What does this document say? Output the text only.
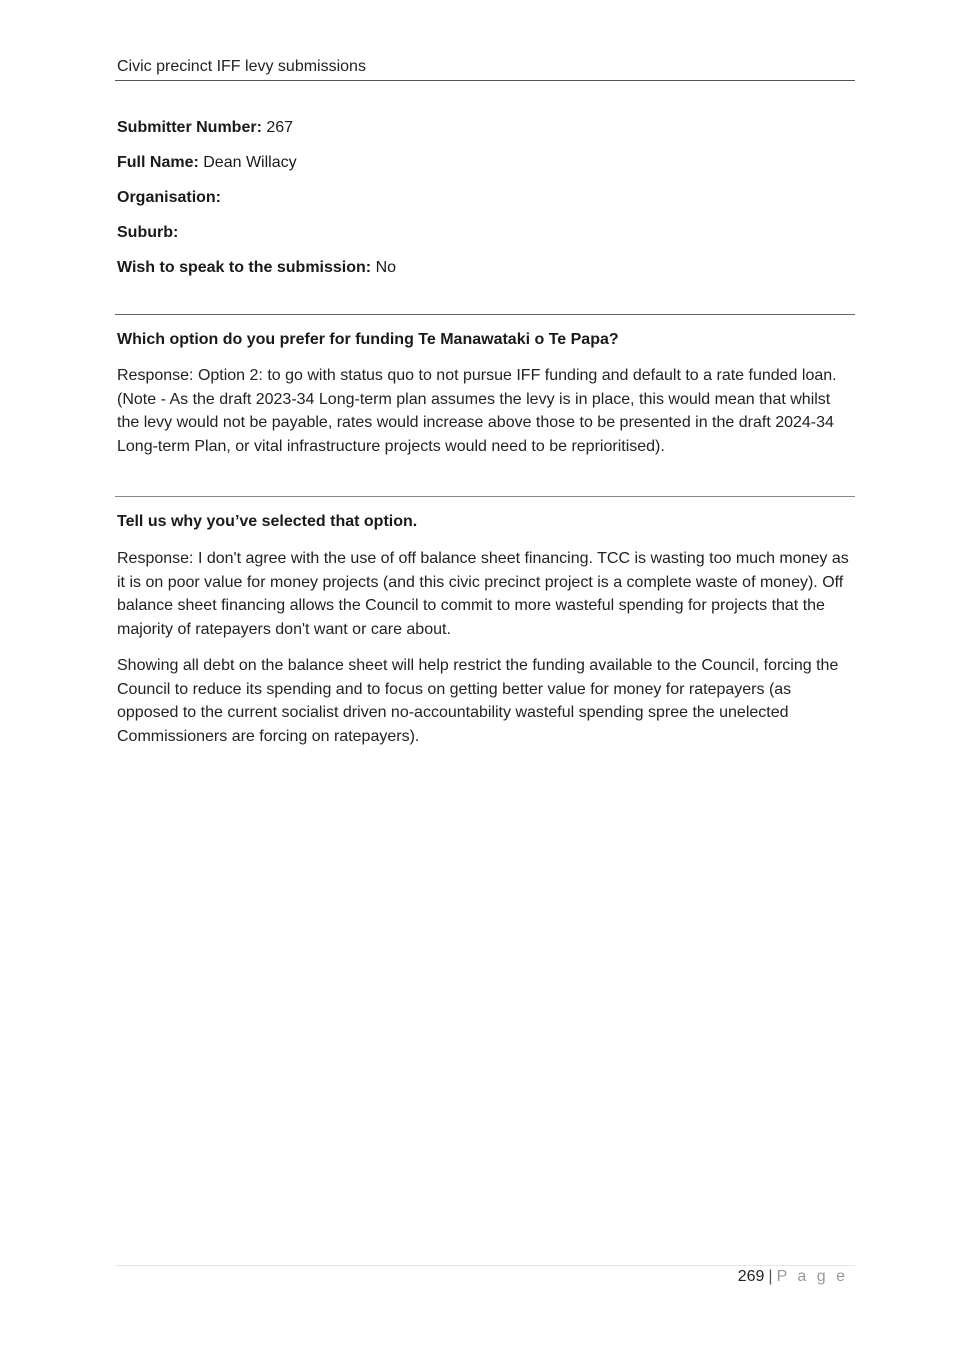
Civic precinct IFF levy submissions
Submitter Number: 267
Full Name: Dean Willacy
Organisation:
Suburb:
Wish to speak to the submission: No
Which option do you prefer for funding Te Manawataki o Te Papa?
Response: Option 2: to go with status quo to not pursue IFF funding and default to a rate funded loan. (Note - As the draft 2023-34 Long-term plan assumes the levy is in place, this would mean that whilst the levy would not be payable, rates would increase above those to be presented in the draft 2024-34 Long-term Plan, or vital infrastructure projects would need to be reprioritised).
Tell us why you’ve selected that option.
Response: I don't agree with the use of off balance sheet financing. TCC is wasting too much money as it is on poor value for money projects (and this civic precinct project is a complete waste of money). Off balance sheet financing allows the Council to commit to more wasteful spending for projects that the majority of ratepayers don't want or care about.
Showing all debt on the balance sheet will help restrict the funding available to the Council, forcing the Council to reduce its spending and to focus on getting better value for money for ratepayers (as opposed to the current socialist driven no-accountability wasteful spending spree the unelected Commissioners are forcing on ratepayers).
269 | P a g e
